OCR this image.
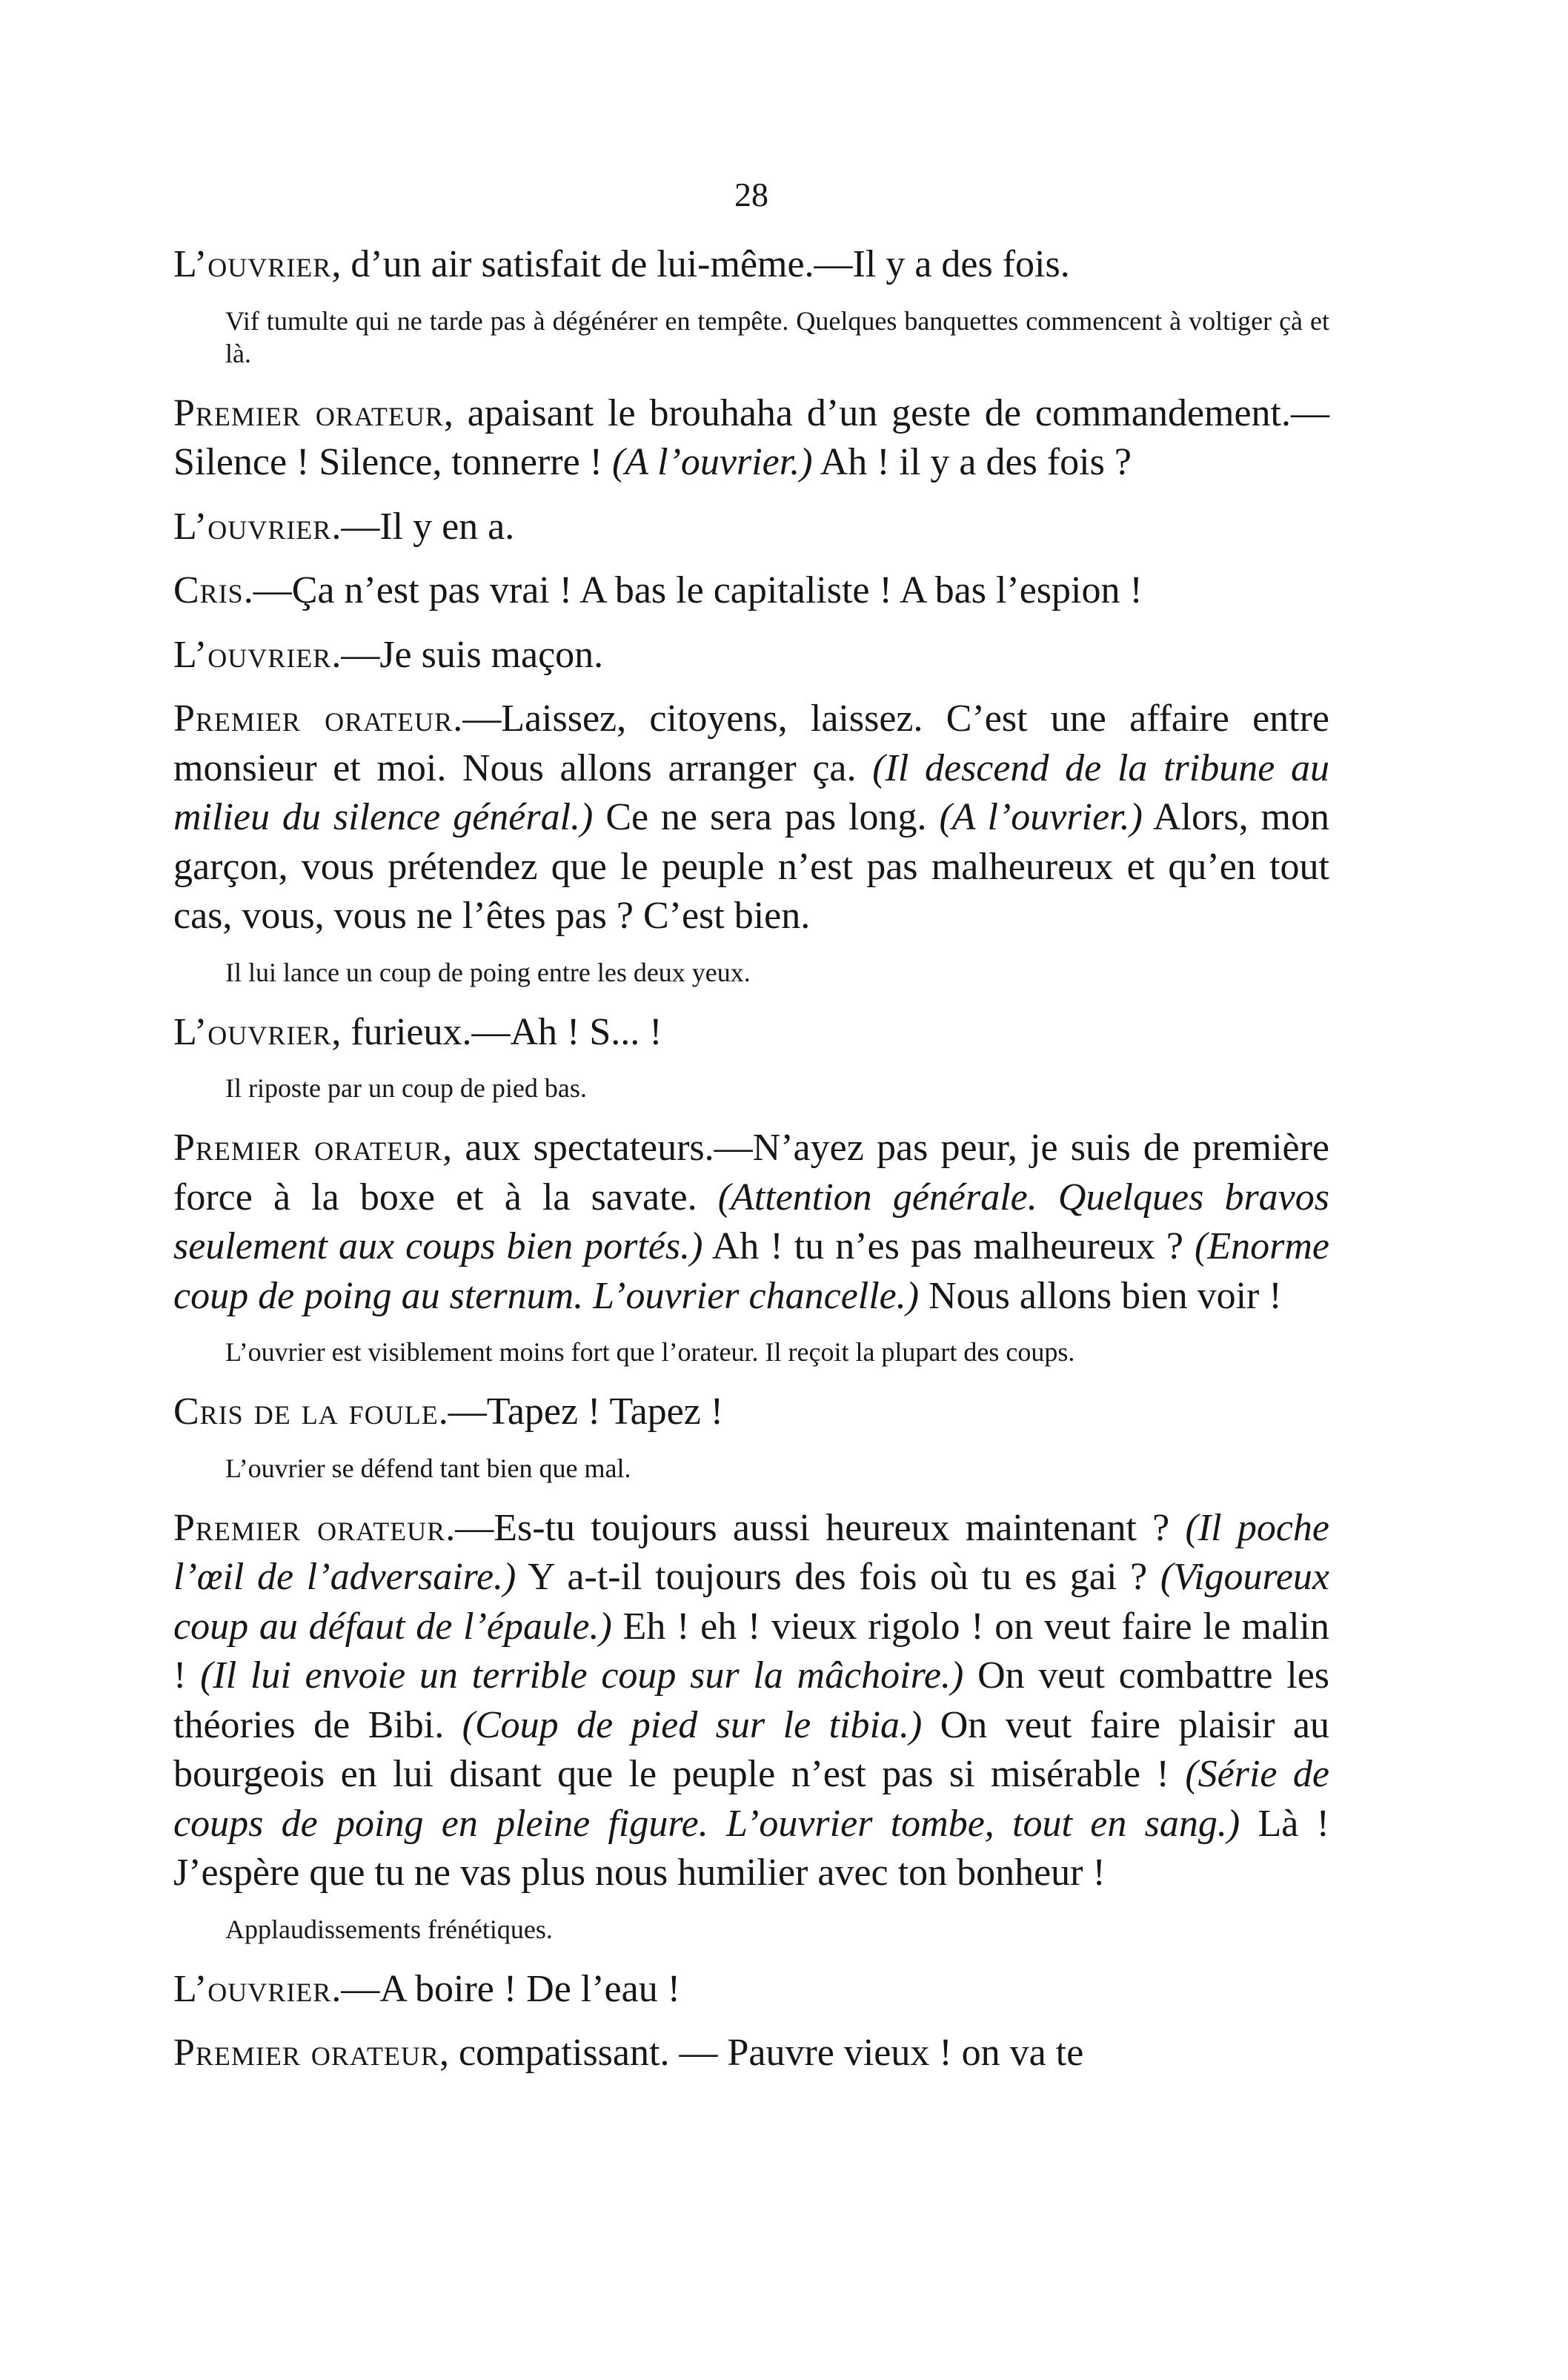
28

L’ouvrier, d’un air satisfait de lui-même.—Il y a des fois.

Vif tumulte qui ne tarde pas à dégénérer en tempête. Quelques banquettes commencent à voltiger çà et là.

Premier orateur, apaisant le brouhaha d’un geste de commandement.—Silence ! Silence, tonnerre ! (A l’ouvrier.) Ah ! il y a des fois ?

L’ouvrier.—Il y en a.

Cris.—Ça n’est pas vrai ! A bas le capitaliste ! A bas l’espion !

L’ouvrier.—Je suis maçon.

Premier orateur.—Laissez, citoyens, laissez. C’est une affaire entre monsieur et moi. Nous allons arranger ça. (Il descend de la tribune au milieu du silence général.) Ce ne sera pas long. (A l’ouvrier.) Alors, mon garçon, vous prétendez que le peuple n’est pas malheureux et qu’en tout cas, vous, vous ne l’êtes pas ? C’est bien.

Il lui lance un coup de poing entre les deux yeux.

L’ouvrier, furieux.—Ah ! S... !

Il riposte par un coup de pied bas.

Premier orateur, aux spectateurs.—N’ayez pas peur, je suis de première force à la boxe et à la savate. (Attention générale. Quelques bravos seulement aux coups bien portés.) Ah ! tu n’es pas malheureux ? (Enorme coup de poing au sternum. L’ouvrier chancelle.) Nous allons bien voir !

L’ouvrier est visiblement moins fort que l’orateur. Il reçoit la plupart des coups.

Cris de la foule.—Tapez ! Tapez !

L’ouvrier se défend tant bien que mal.

Premier orateur.—Es-tu toujours aussi heureux maintenant ? (Il poche l’œil de l’adversaire.) Y a-t-il toujours des fois où tu es gai ? (Vigoureux coup au défaut de l’épaule.) Eh ! eh ! vieux rigolo ! on veut faire le malin ! (Il lui envoie un terrible coup sur la mâchoire.) On veut combattre les théories de Bibi. (Coup de pied sur le tibia.) On veut faire plaisir au bourgeois en lui disant que le peuple n’est pas si misérable ! (Série de coups de poing en pleine figure. L’ouvrier tombe, tout en sang.) Là ! J’espère que tu ne vas plus nous humilier avec ton bonheur !

Applaudissements frénétiques.

L’ouvrier.—A boire ! De l’eau !

Premier orateur, compatissant. — Pauvre vieux ! on va te
